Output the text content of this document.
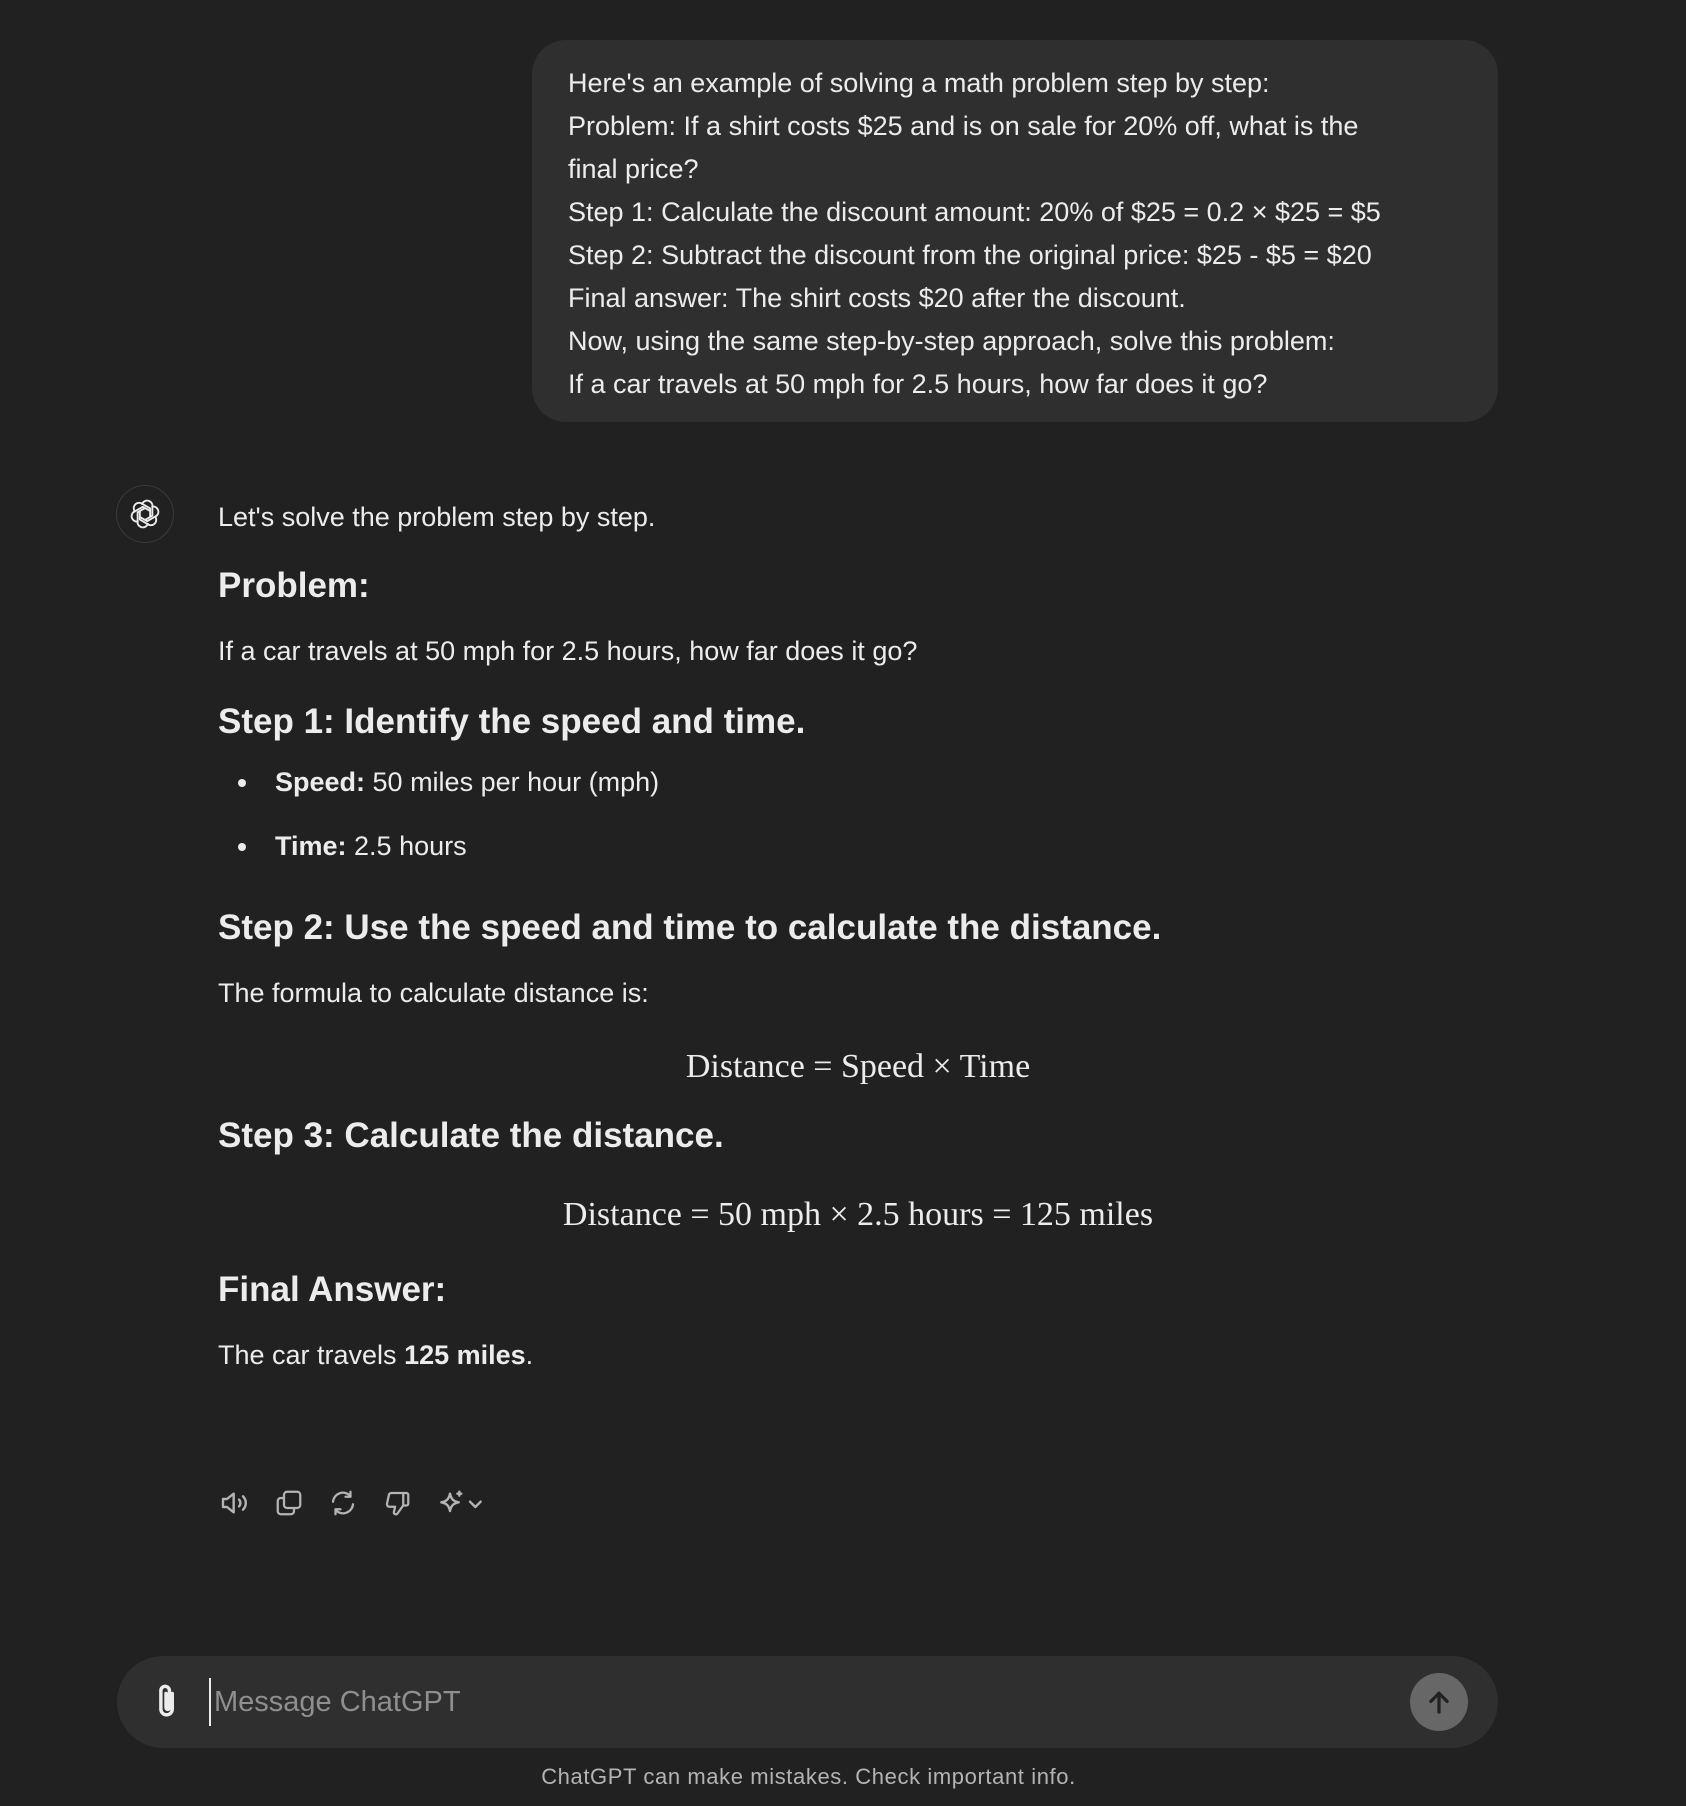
Here's an example of solving a math problem step by step:
Problem: If a shirt costs $25 and is on sale for 20% off, what is the
final price?
Step 1: Calculate the discount amount: 20% of $25 = 0.2 × $25 = $5
Step 2: Subtract the discount from the original price: $25 - $5 = $20
Final answer: The shirt costs $20 after the discount.
Now, using the same step-by-step approach, solve this problem:
If a car travels at 50 mph for 2.5 hours, how far does it go?

Let's solve the problem step by step.

Problem:

If a car travels at 50 mph for 2.5 hours, how far does it go?

Step 1: Identify the speed and time.
Speed: 50 miles per hour (mph)
Time: 2.5 hours
Step 2: Use the speed and time to calculate the distance.

The formula to calculate distance is:

Distance = Speed × Time

Step 3: Calculate the distance.

Distance = 50 mph × 2.5 hours = 125 miles

Final Answer:

The car travels 125 miles.

Message ChatGPT
ChatGPT can make mistakes. Check important info.
